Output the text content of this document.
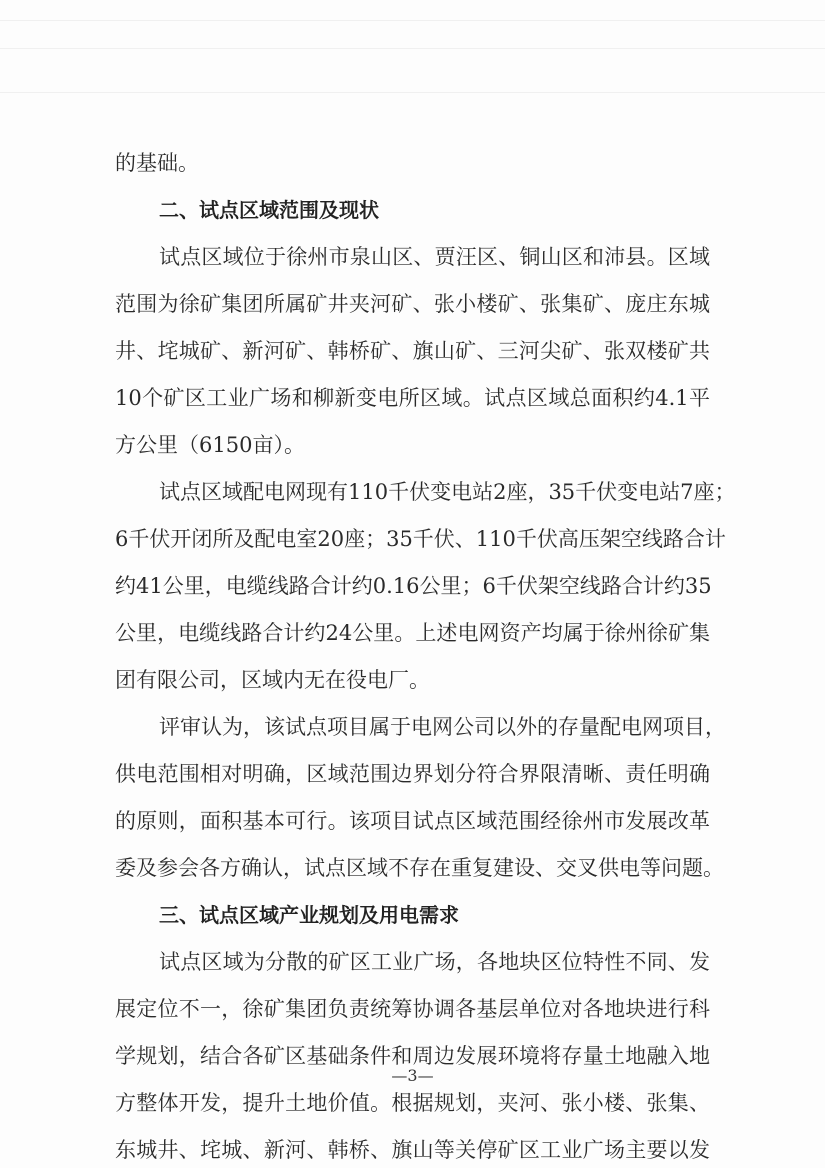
的基础。
二、试点区域范围及现状
试点区域位于徐州市泉山区、贾汪区、铜山区和沛县。区域
范围为徐矿集团所属矿井夹河矿、张小楼矿、张集矿、庞庄东城
井、垞城矿、新河矿、韩桥矿、旗山矿、三河尖矿、张双楼矿共
10个矿区工业广场和柳新变电所区域。试点区域总面积约4.1平
方公里（6150亩）。
试点区域配电网现有110千伏变电站2座，35千伏变电站7座；
6千伏开闭所及配电室20座；35千伏、110千伏高压架空线路合计
约41公里，电缆线路合计约0.16公里；6千伏架空线路合计约35
公里，电缆线路合计约24公里。上述电网资产均属于徐州徐矿集
团有限公司，区域内无在役电厂。
评审认为，该试点项目属于电网公司以外的存量配电网项目，
供电范围相对明确，区域范围边界划分符合界限清晰、责任明确
的原则，面积基本可行。该项目试点区域范围经徐州市发展改革
委及参会各方确认，试点区域不存在重复建设、交叉供电等问题。
三、试点区域产业规划及用电需求
试点区域为分散的矿区工业广场，各地块区位特性不同、发
展定位不一，徐矿集团负责统筹协调各基层单位对各地块进行科
学规划，结合各矿区基础条件和周边发展环境将存量土地融入地
方整体开发，提升土地价值。根据规划，夹河、张小楼、张集、
东城井、垞城、新河、韩桥、旗山等关停矿区工业广场主要以发
—3—
